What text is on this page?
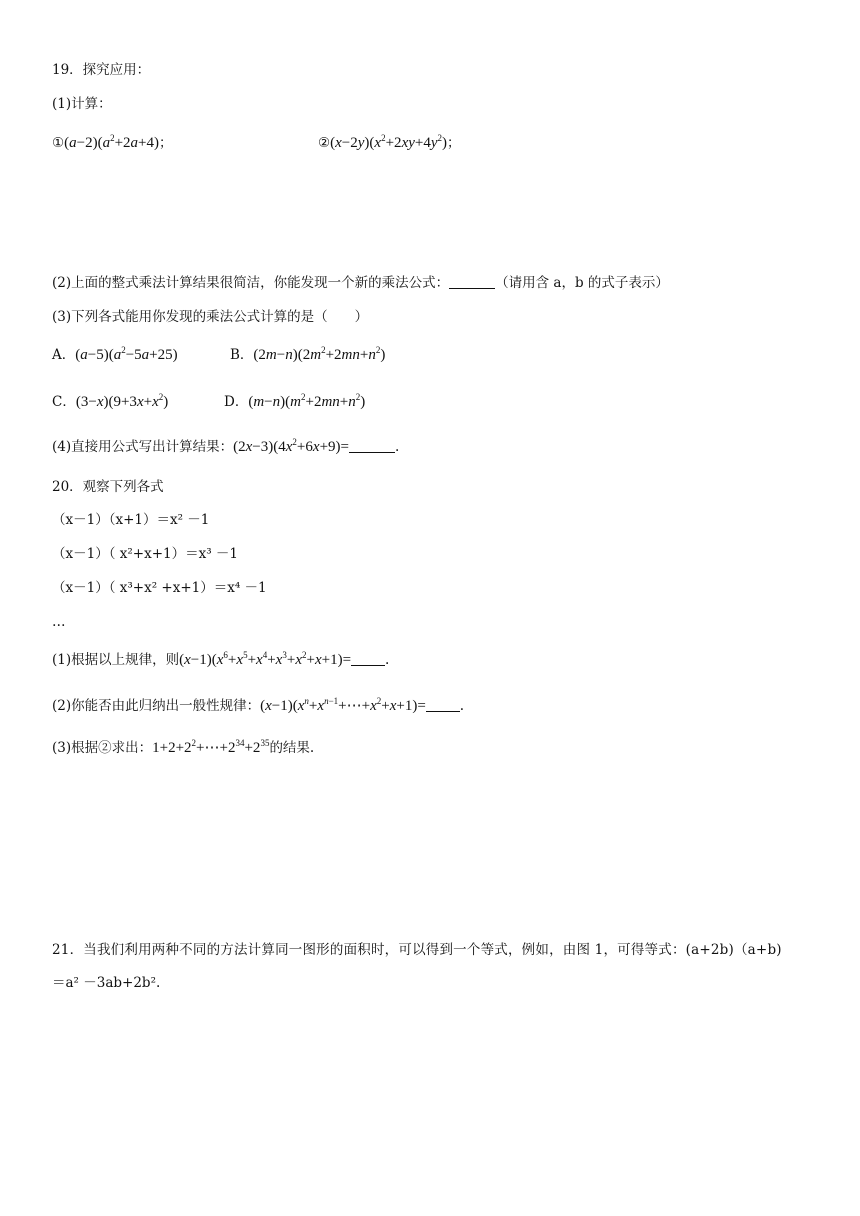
19．探究应用：
(1)计算：
$①(a-2)(a^2+2a+4)$；	$②(x-2y)(x^2+2xy+4y^2)$；
(2)上面的整式乘法计算结果很简洁，你能发现一个新的乘法公式：	（请用含 a，b 的式子表示）
(3)下列各式能用你发现的乘法公式计算的是（　　）
A．$(a-5)(a^2-5a+25)$	B．$(2m-n)(2m^2+2mn+n^2)$
C．$(3-x)(9+3x+x^2)$	D．$(m-n)(m^2+2mn+n^2)$
(4)直接用公式写出计算结果：$(2x-3)(4x^2+6x+9)=$	.
20．观察下列各式
（x－1）（x+1）＝x² －1
（x－1）（ x²+x+1）＝x³ －1
（x－1）（ x³+x² +x+1）＝x⁴ －1
…
(1)根据以上规律，则$(x-1)(x^6+x^5+x^4+x^3+x^2+x+1)=$	.
(2)你能否由此归纳出一般性规律：$(x-1)(x^n+x^{n-1}+\cdots+x^2+x+1)=$	.
(3)根据②求出：$1+2+2^2+\cdots+2^{34}+2^{35}$的结果.
21．当我们利用两种不同的方法计算同一图形的面积时，可以得到一个等式，例如，由图 1，可得等式：(a+2b)（a+b)
＝a² －3ab+2b².
